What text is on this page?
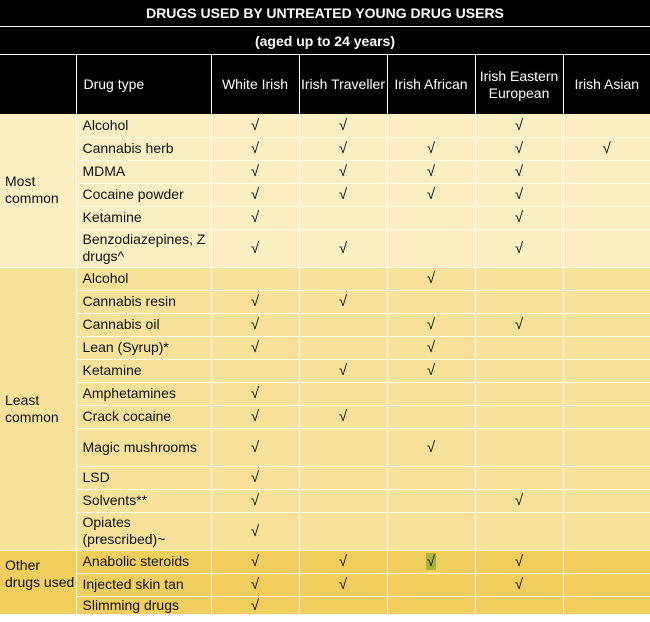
DRUGS USED BY UNTREATED YOUNG DRUG USERS
(aged up to 24 years)
	Drug type	White Irish	Irish Traveller	Irish African	Irish Eastern European	Irish Asian
Most common	Alcohol	√	√		√	
	Cannabis herb	√	√	√	√	√
	MDMA	√	√	√	√	
	Cocaine powder	√	√	√	√	
	Ketamine	√			√	
	Benzodiazepines, Z drugs^	√	√		√	
Least common	Alcohol			√		
	Cannabis resin	√	√			
	Cannabis oil	√		√	√	
	Lean (Syrup)*	√		√		
	Ketamine		√	√		
	Amphetamines	√				
	Crack cocaine	√	√			
	Magic mushrooms	√		√		
	LSD	√				
	Solvents**	√			√	
	Opiates (prescribed)~	√				
Other drugs used	Anabolic steroids	√	√	√	√	
	Injected skin tan	√	√		√	
	Slimming drugs	√				
